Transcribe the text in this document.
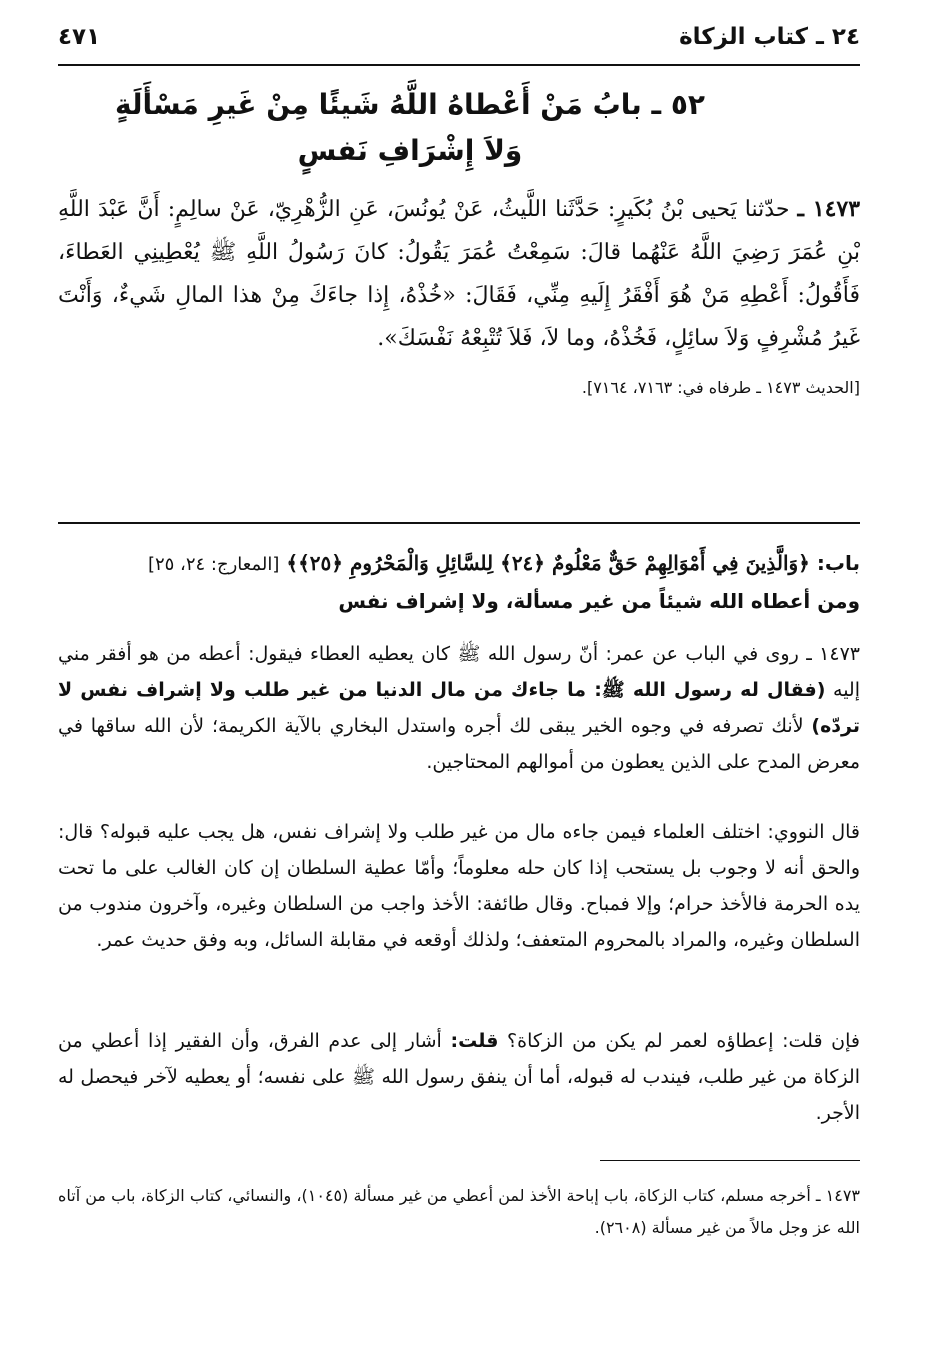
٢٤ ـ كتاب الزكاة
٤٧١
٥٢ ـ بابُ مَنْ أَعْطاهُ اللَّهُ شَيئًا مِنْ غَيرِ مَسْأَلَةٍ
وَلاَ إِشْرَافِ نَفسٍ
١٤٧٣ ـ حدّثنا يَحيى بْنُ بُكَيرٍ: حَدَّثَنا اللَّيثُ، عَنْ يُونُسَ، عَنِ الزُّهْرِيّ، عَنْ سالِمٍ: أَنَّ عَبْدَ اللَّهِ بْنِ عُمَرَ رَضِيَ اللَّهُ عَنْهُما قالَ: سَمِعْتُ عُمَرَ يَقُولُ: كانَ رَسُولُ اللَّهِ ﷺ يُعْطِينِي العَطاءَ، فَأَقُولُ: أَعْطِهِ مَنْ هُوَ أَفْقَرُ إِلَيهِ مِنِّي، فَقَالَ: «خُذْهُ، إِذا جاءَكَ مِنْ هذا المالِ شَيءٌ، وَأَنْتَ غَيرُ مُشْرِفٍ وَلاَ سائِلٍ، فَخُذْهُ، وما لاَ، فَلاَ تُتْبِعْهُ نَفْسَكَ».
[الحديث ١٤٧٣ ـ طرفاه في: ٧١٦٣، ٧١٦٤].
باب: ﴿وَالَّذِينَ فِي أَمْوَالِهِمْ حَقٌّ مَعْلُومٌ ﴿٢٤﴾ لِلسَّائِلِ وَالْمَحْرُومِ ﴿٢٥﴾﴾ [المعارج: ٢٤، ٢٥]
ومن أعطاه الله شيئاً من غير مسألة، ولا إشراف نفس
١٤٧٣ ـ روى في الباب عن عمر: أنّ رسول الله ﷺ كان يعطيه العطاء فيقول: أعطه من هو أفقر مني إليه (فقال له رسول الله ﷺ: ما جاءك من مال الدنيا من غير طلب ولا إشراف نفس لا تردّه) لأنك تصرفه في وجوه الخير يبقى لك أجره واستدل البخاري بالآية الكريمة؛ لأن الله ساقها في معرض المدح على الذين يعطون من أموالهم المحتاجين.
قال النووي: اختلف العلماء فيمن جاءه مال من غير طلب ولا إشراف نفس، هل يجب عليه قبوله؟ قال: والحق أنه لا وجوب بل يستحب إذا كان حله معلوماً؛ وأمّا عطية السلطان إن كان الغالب على ما تحت يده الحرمة فالأخذ حرام؛ وإلا فمباح. وقال طائفة: الأخذ واجب من السلطان وغيره، وآخرون مندوب من السلطان وغيره، والمراد بالمحروم المتعفف؛ ولذلك أوقعه في مقابلة السائل، وبه وفق حديث عمر.
فإن قلت: إعطاؤه لعمر لم يكن من الزكاة؟ قلت: أشار إلى عدم الفرق، وأن الفقير إذا أعطي من الزكاة من غير طلب، فيندب له قبوله، أما أن ينفق رسول الله ﷺ على نفسه؛ أو يعطيه لآخر فيحصل له الأجر.
١٤٧٣ ـ أخرجه مسلم، كتاب الزكاة، باب إباحة الأخذ لمن أعطي من غير مسألة (١٠٤٥)، والنسائي، كتاب الزكاة، باب من آتاه الله عز وجل مالاً من غير مسألة (٢٦٠٨).
